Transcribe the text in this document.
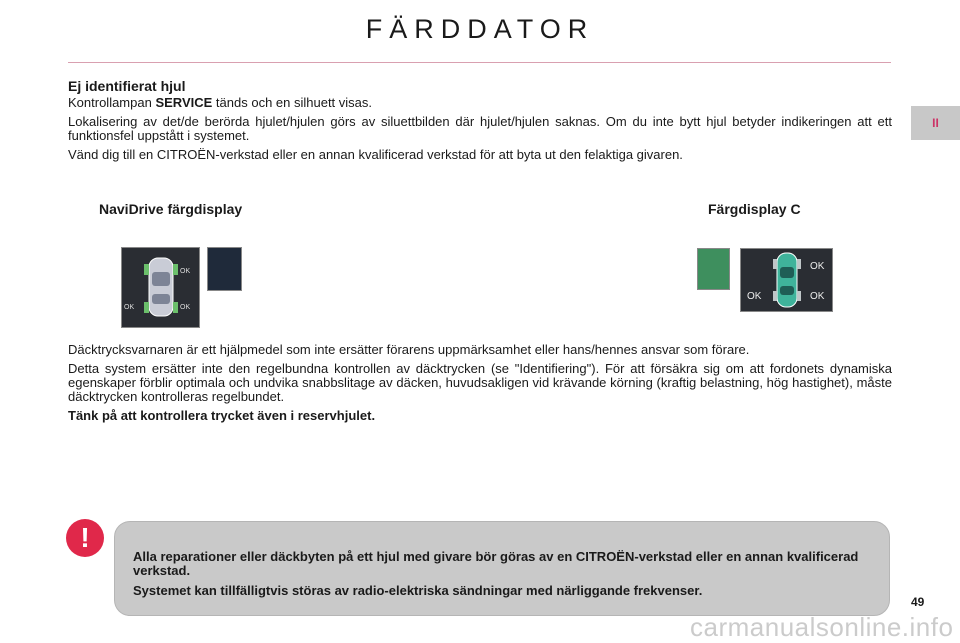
FÄRDDATOR
II
Ej identifierat hjul

Kontrollampan SERVICE tänds och en silhuett visas.

Lokalisering av det/de berörda hjulet/hjulen görs av siluettbilden där hjulet/hjulen saknas. Om du inte bytt hjul betyder indikeringen att ett funktionsfel uppstått i systemet.

Vänd dig till en CITROËN-verkstad eller en annan kvalificerad verkstad för att byta ut den felaktiga givaren.

NaviDrive färgdisplay	Färgdisplay C
OK
OK	OK
OK
OK	OK

Däcktrycksvarnaren är ett hjälpmedel som inte ersätter förarens uppmärksamhet eller hans/hennes ansvar som förare.

Detta system ersätter inte den regelbundna kontrollen av däcktrycken (se "Identifiering"). För att försäkra sig om att fordonets dynamiska egenskaper förblir optimala och undvika snabbslitage av däcken, huvudsakligen vid krävande körning (kraftig belastning, hög hastighet), måste däcktrycken kontrolleras regelbundet.

Tänk på att kontrollera trycket även i reservhjulet.

!

Alla reparationer eller däckbyten på ett hjul med givare bör göras av en CITROËN-verkstad eller en annan kvalificerad verkstad.

Systemet kan tillfälligtvis störas av radio-elektriska sändningar med närliggande frekvenser.

49
carmanualsonline.info
